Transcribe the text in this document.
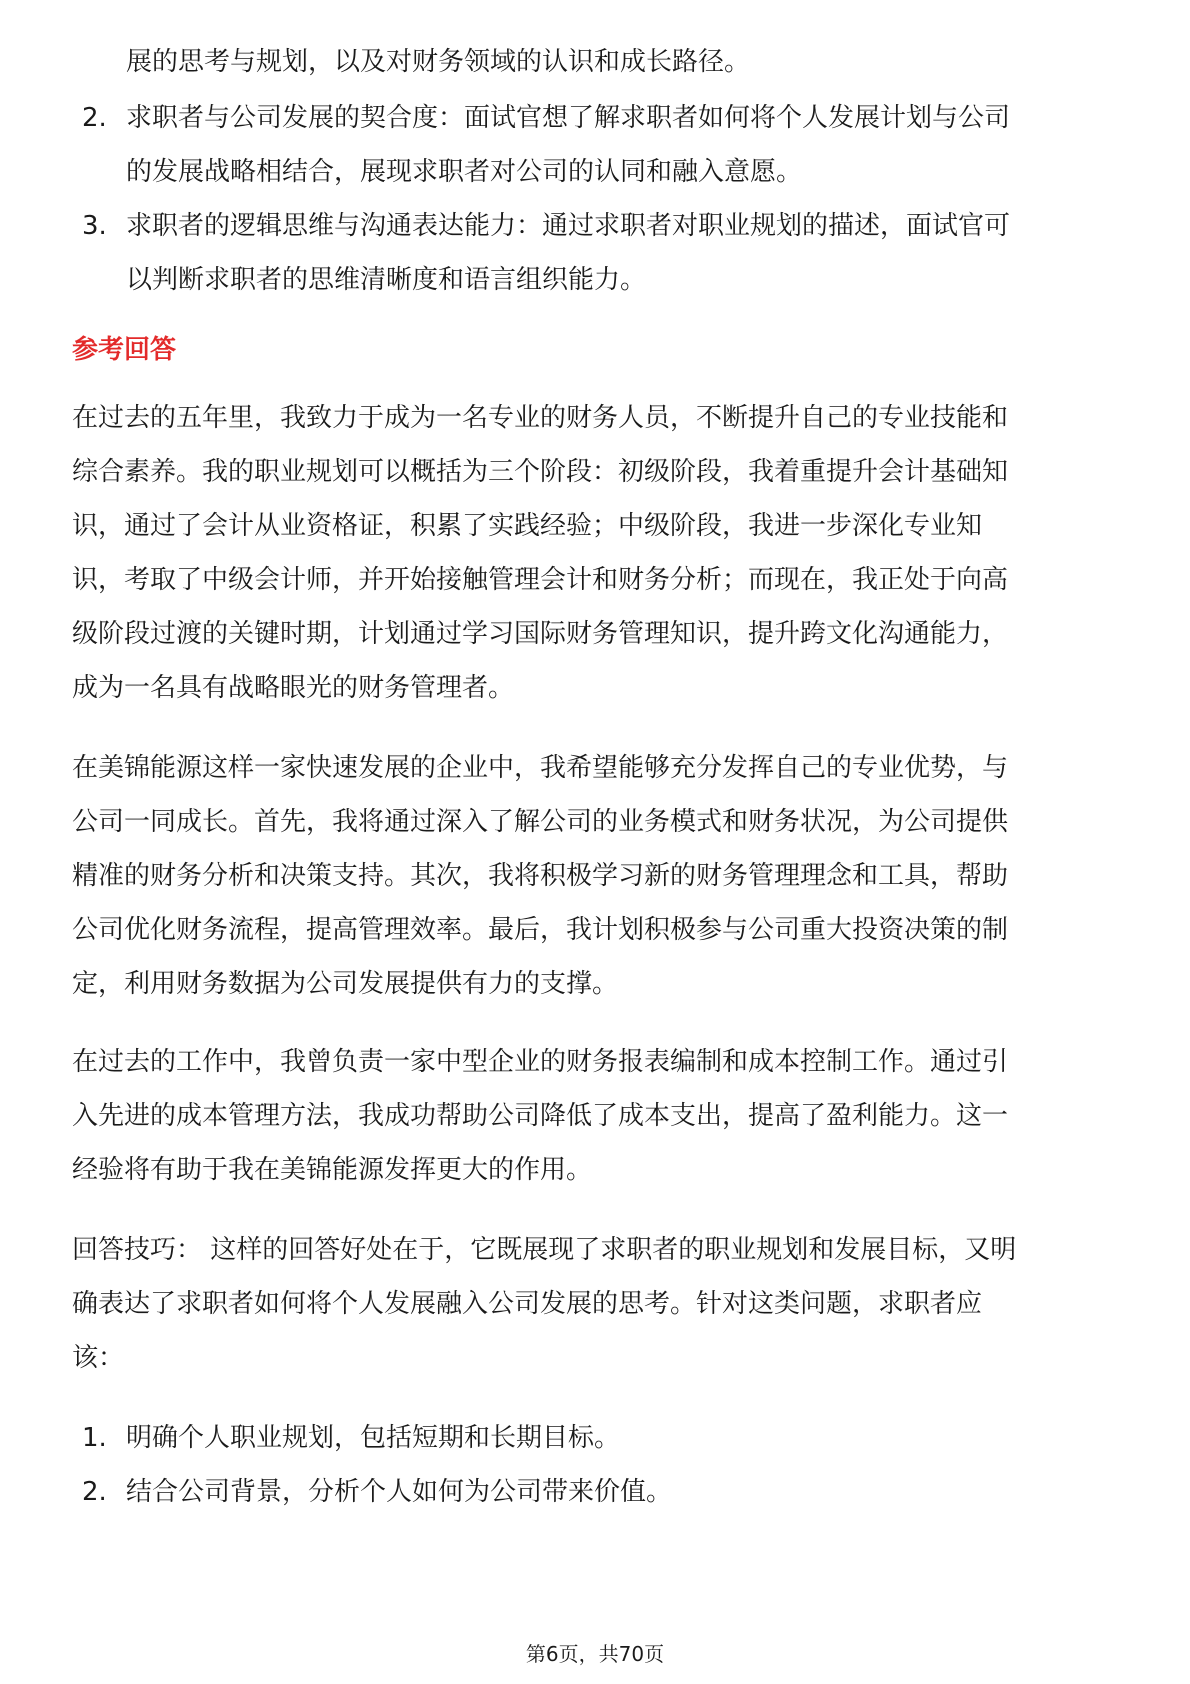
展的思考与规划，以及对财务领域的认识和成长路径。
2. 求职者与公司发展的契合度：面试官想了解求职者如何将个人发展计划与公司
的发展战略相结合，展现求职者对公司的认同和融入意愿。
3. 求职者的逻辑思维与沟通表达能力：通过求职者对职业规划的描述，面试官可
以判断求职者的思维清晰度和语言组织能力。
参考回答
在过去的五年里，我致力于成为一名专业的财务人员，不断提升自己的专业技能和
综合素养。我的职业规划可以概括为三个阶段：初级阶段，我着重提升会计基础知
识，通过了会计从业资格证，积累了实践经验；中级阶段，我进一步深化专业知
识，考取了中级会计师，并开始接触管理会计和财务分析；而现在，我正处于向高
级阶段过渡的关键时期，计划通过学习国际财务管理知识，提升跨文化沟通能力，
成为一名具有战略眼光的财务管理者。
在美锦能源这样一家快速发展的企业中，我希望能够充分发挥自己的专业优势，与
公司一同成长。首先，我将通过深入了解公司的业务模式和财务状况，为公司提供
精准的财务分析和决策支持。其次，我将积极学习新的财务管理理念和工具，帮助
公司优化财务流程，提高管理效率。最后，我计划积极参与公司重大投资决策的制
定，利用财务数据为公司发展提供有力的支撑。
在过去的工作中，我曾负责一家中型企业的财务报表编制和成本控制工作。通过引
入先进的成本管理方法，我成功帮助公司降低了成本支出，提高了盈利能力。这一
经验将有助于我在美锦能源发挥更大的作用。
回答技巧： 这样的回答好处在于，它既展现了求职者的职业规划和发展目标，又明
确表达了求职者如何将个人发展融入公司发展的思考。针对这类问题，求职者应
该：
1. 明确个人职业规划，包括短期和长期目标。
2. 结合公司背景，分析个人如何为公司带来价值。
第6页，共70页
